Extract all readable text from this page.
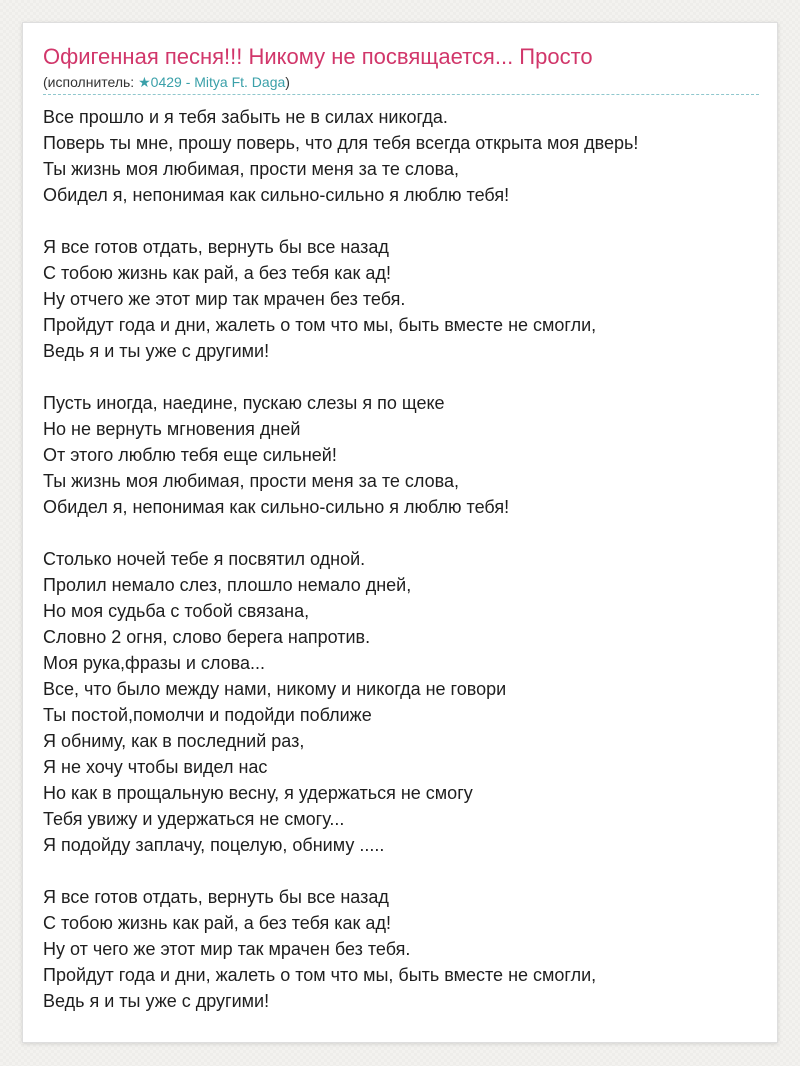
Офигенная песня!!! Никому не посвящается... Просто
(исполнитель: ★0429 - Mitya Ft. Daga)
Все прошло и я тебя забыть не в силах никогда.
Поверь ты мне, прошу поверь, что для тебя всегда открыта моя дверь!
Ты жизнь моя любимая, прости меня за те слова,
Обидел я, непонимая как сильно-сильно я люблю тебя!
Я все готов отдать, вернуть бы все назад
С тобою жизнь как рай, а без тебя как ад!
Ну отчего же этот мир так мрачен без тебя.
Пройдут года и дни, жалеть о том что мы, быть вместе не смогли,
Ведь я и ты уже с другими!
Пусть иногда, наедине, пускаю слезы я по щеке
Но не вернуть мгновения дней
От этого люблю тебя еще сильней!
Ты жизнь моя любимая, прости меня за те слова,
Обидел я, непонимая как сильно-сильно я люблю тебя!
Столько ночей тебе я посвятил одной.
Пролил немало слез, плошло немало дней,
Но моя судьба с тобой связана,
Словно 2 огня, слово берега напротив.
Моя рука,фразы и слова...
Все, что было между нами, никому и никогда не говори
Ты постой,помолчи и подойди поближе
Я обниму, как в последний раз,
Я не хочу чтобы видел нас
Но как в прощальную весну, я удержаться не смогу
Тебя увижу и удержаться не смогу...
Я подойду заплачу, поцелую, обниму .....
Я все готов отдать, вернуть бы все назад
С тобою жизнь как рай, а без тебя как ад!
Ну от чего же этот мир так мрачен без тебя.
Пройдут года и дни, жалеть о том что мы, быть вместе не смогли,
Ведь я и ты уже с другими!
